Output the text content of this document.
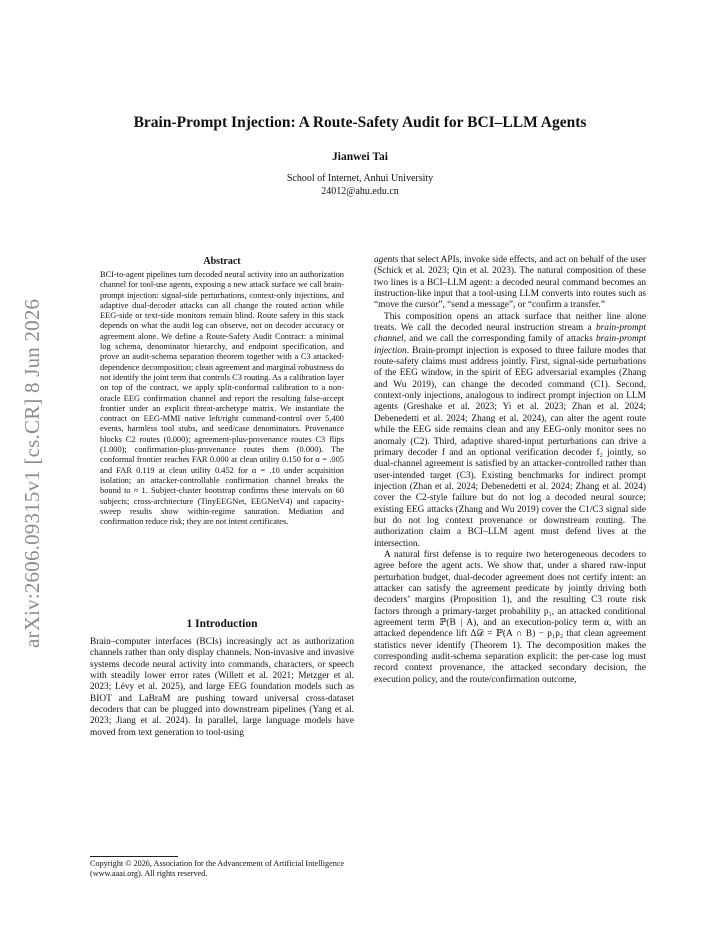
arXiv:2606.09315v1 [cs.CR] 8 Jun 2026
Brain-Prompt Injection: A Route-Safety Audit for BCI–LLM Agents
Jianwei Tai
School of Internet, Anhui University
24012@ahu.edu.cn
Abstract
BCI-to-agent pipelines turn decoded neural activity into an authorization channel for tool-use agents, exposing a new attack surface we call brain-prompt injection: signal-side perturbations, context-only injections, and adaptive dual-decoder attacks can all change the routed action while EEG-side or text-side monitors remain blind. Route safety in this stack depends on what the audit log can observe, not on decoder accuracy or agreement alone. We define a Route-Safety Audit Contract: a minimal log schema, denominator hierarchy, and endpoint specification, and prove an audit-schema separation theorem together with a C3 attacked-dependence decomposition; clean agreement and marginal robustness do not identify the joint term that controls C3 routing. As a calibration layer on top of the contract, we apply split-conformal calibration to a non-oracle EEG confirmation channel and report the resulting false-accept frontier under an explicit threat-archetype matrix. We instantiate the contract on EEG-MMI native left/right command-control over 5,400 events, harmless tool stubs, and seed/case denominators. Provenance blocks C2 routes (0.000); agreement-plus-provenance routes C3 flips (1.000); confirmation-plus-provenance routes them (0.000). The conformal frontier reaches FAR 0.000 at clean utility 0.150 for α = .005 and FAR 0.119 at clean utility 0.452 for α = .10 under acquisition isolation; an attacker-controllable confirmation channel breaks the bound to ≈ 1. Subject-cluster bootstrap confirms these intervals on 60 subjects; cross-architecture (TinyEEGNet, EEGNetV4) and capacity-sweep results show within-regime saturation. Mediation and confirmation reduce risk; they are not intent certificates.
1 Introduction

Brain–computer interfaces (BCIs) increasingly act as authorization channels rather than only display channels. Non-invasive and invasive systems decode neural activity into commands, characters, or speech with steadily lower error rates (Willett et al. 2021; Metzger et al. 2023; Lévy et al. 2025), and large EEG foundation models such as BIOT and LaBraM are pushing toward universal cross-dataset decoders that can be plugged into downstream pipelines (Yang et al. 2023; Jiang et al. 2024). In parallel, large language models have moved from text generation to tool-using

agents that select APIs, invoke side effects, and act on behalf of the user (Schick et al. 2023; Qin et al. 2023). The natural composition of these two lines is a BCI–LLM agent: a decoded neural command becomes an instruction-like input that a tool-using LLM converts into routes such as “move the cursor”, “send a message”, or “confirm a transfer.”

This composition opens an attack surface that neither line alone treats. We call the decoded neural instruction stream a brain-prompt channel, and we call the corresponding family of attacks brain-prompt injection. Brain-prompt injection is exposed to three failure modes that route-safety claims must address jointly. First, signal-side perturbations of the EEG window, in the spirit of EEG adversarial examples (Zhang and Wu 2019), can change the decoded command (C1). Second, context-only injections, analogous to indirect prompt injection on LLM agents (Greshake et al. 2023; Yi et al. 2023; Zhan et al. 2024; Debenedetti et al. 2024; Zhang et al. 2024), can alter the agent route while the EEG side remains clean and any EEG-only monitor sees no anomaly (C2). Third, adaptive shared-input perturbations can drive a primary decoder f and an optional verification decoder f₂ jointly, so dual-channel agreement is satisfied by an attacker-controlled rather than user-intended target (C3). Existing benchmarks for indirect prompt injection (Zhan et al. 2024; Debenedetti et al. 2024; Zhang et al. 2024) cover the C2-style failure but do not log a decoded neural source; existing EEG attacks (Zhang and Wu 2019) cover the C1/C3 signal side but do not log context provenance or downstream routing. The authorization claim a BCI–LLM agent must defend lives at the intersection.

A natural first defense is to require two heterogeneous decoders to agree before the agent acts. We show that, under a shared raw-input perturbation budget, dual-decoder agreement does not certify intent: an attacker can satisfy the agreement predicate by jointly driving both decoders’ margins (Proposition 1), and the resulting C3 route risk factors through a primary-target probability p₁, an attacked conditional agreement term ℙ(B | A), and an execution-policy term α, with an attacked dependence lift Δ𝒟 = ℙ(A ∩ B) − p₁p₂ that clean agreement statistics never identify (Theorem 1). The decomposition makes the corresponding audit-schema separation explicit: the per-case log must record context provenance, the attacked secondary decision, the execution policy, and the route/confirmation outcome,

Copyright © 2026, Association for the Advancement of Artificial Intelligence (www.aaai.org). All rights reserved.
